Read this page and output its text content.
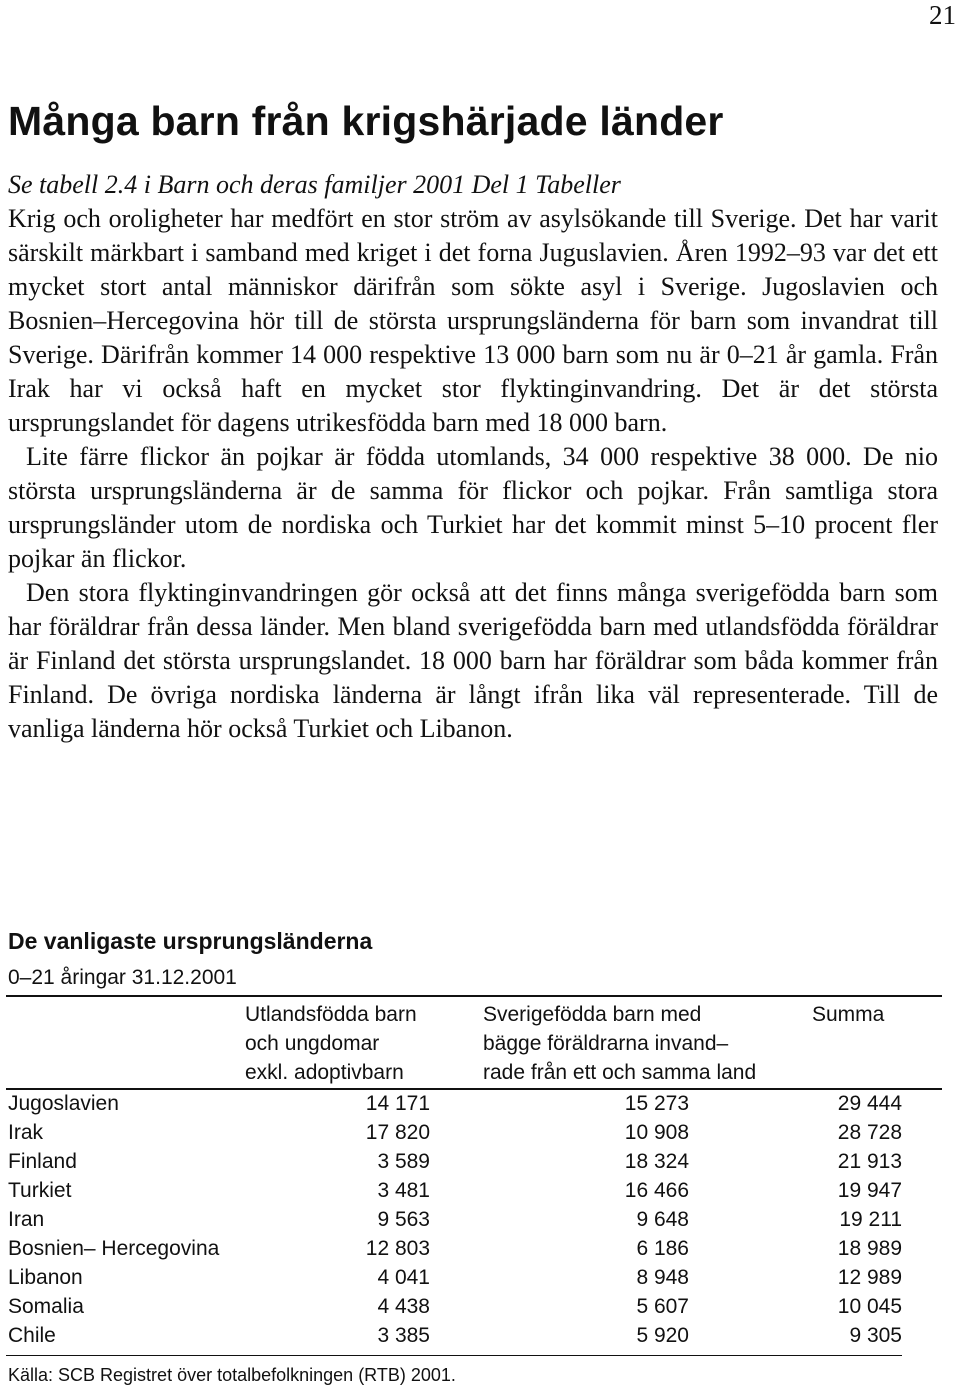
21
Många barn från krigshärjade länder

Se tabell 2.4 i Barn och deras familjer 2001 Del 1 Tabeller

Krig och oroligheter har medfört en stor ström av asylsökande till Sverige. Det har varit särskilt märkbart i samband med kriget i det forna Juguslavien. Åren 1992–93 var det ett mycket stort antal människor därifrån som sökte asyl i Sverige. Jugoslavien och Bosnien–Hercegovina hör till de största ursprungsländerna för barn som invandrat till Sverige. Därifrån kommer 14 000 respektive 13 000 barn som nu är 0–21 år gamla. Från Irak har vi också haft en mycket stor flyktinginvandring. Det är det största ursprungslandet för dagens utrikesfödda barn med 18 000 barn.

Lite färre flickor än pojkar är födda utomlands, 34 000 respektive 38 000. De nio största ursprungsländerna är de samma för flickor och pojkar. Från samtliga stora ursprungsländer utom de nordiska och Turkiet har det kommit minst 5–10 procent fler pojkar än flickor.

Den stora flyktinginvandringen gör också att det finns många sverigefödda barn som har föräldrar från dessa länder. Men bland sverigefödda barn med utlandsfödda föräldrar är Finland det största ursprungslandet. 18 000 barn har föräldrar som båda kommer från Finland. De övriga nordiska länderna är långt ifrån lika väl representerade. Till de vanliga länderna hör också Turkiet och Libanon.

De vanligaste ursprungsländerna
0–21 åringar 31.12.2001
Utlandsfödda barn
och ungdomar
exkl. adoptivbarn
Sverigefödda barn med
bägge föräldrarna invand–
rade från ett och samma land
Summa
Jugoslavien	14 171	15 273	29 444
Irak	17 820	10 908	28 728
Finland	3 589	18 324	21 913
Turkiet	3 481	16 466	19 947
Iran	9 563	9 648	19 211
Bosnien– Hercegovina	12 803	6 186	18 989
Libanon	4 041	8 948	12 989
Somalia	4 438	5 607	10 045
Chile	3 385	5 920	9 305
Källa: SCB Registret över totalbefolkningen (RTB) 2001.
